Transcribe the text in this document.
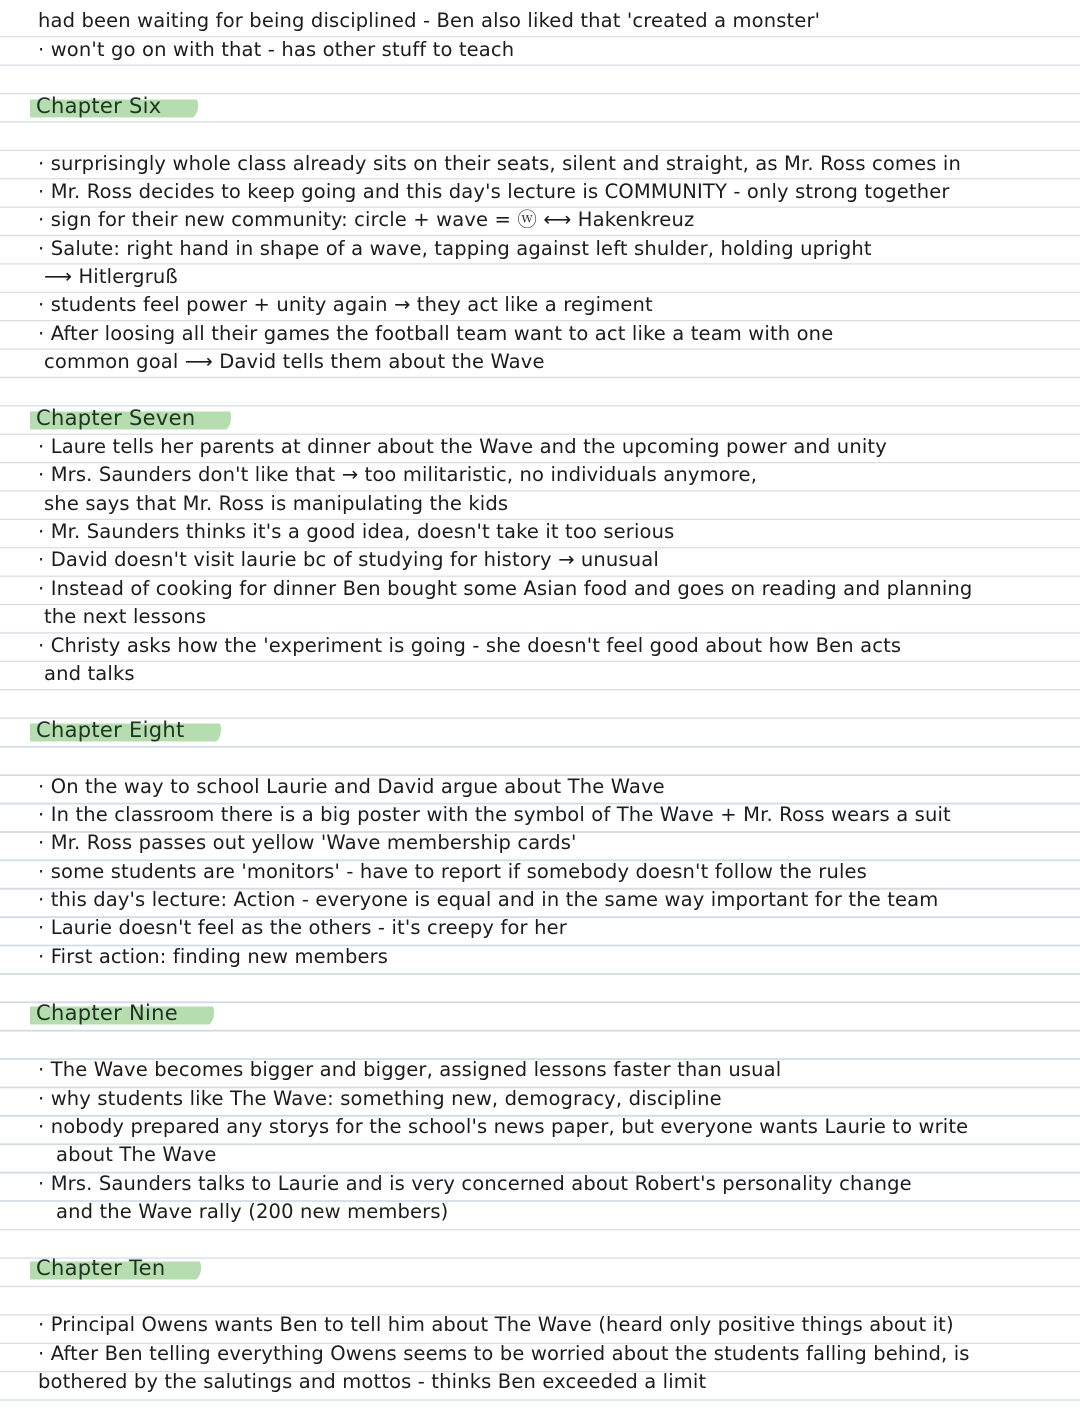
had been waiting for being disciplined - Ben also liked that 'created a monster'
· won't go on with that - has other stuff to teach
Chapter Six
· surprisingly whole class already sits on their seats, silent and straight, as Mr. Ross comes in
· Mr. Ross decides to keep going and this day's lecture is COMMUNITY - only strong together
· sign for their new community: circle + wave = ⓦ ⟷ Hakenkreuz
· Salute: right hand in shape of a wave, tapping against left shulder, holding upright
⟶ Hitlergruß
· students feel power + unity again → they act like a regiment
· After loosing all their games the football team want to act like a team with one
common goal ⟶ David tells them about the Wave
Chapter Seven
· Laure tells her parents at dinner about the Wave and the upcoming power and unity
· Mrs. Saunders don't like that → too militaristic, no individuals anymore,
she says that Mr. Ross is manipulating the kids
· Mr. Saunders thinks it's a good idea, doesn't take it too serious
· David doesn't visit laurie bc of studying for history → unusual
· Instead of cooking for dinner Ben bought some Asian food and goes on reading and planning
the next lessons
· Christy asks how the 'experiment is going - she doesn't feel good about how Ben acts
and talks
Chapter Eight
· On the way to school Laurie and David argue about The Wave
· In the classroom there is a big poster with the symbol of The Wave + Mr. Ross wears a suit
· Mr. Ross passes out yellow 'Wave membership cards'
· some students are 'monitors' - have to report if somebody doesn't follow the rules
· this day's lecture: Action - everyone is equal and in the same way important for the team
· Laurie doesn't feel as the others - it's creepy for her
· First action: finding new members
Chapter Nine
· The Wave becomes bigger and bigger, assigned lessons faster than usual
· why students like The Wave: something new, demogracy, discipline
· nobody prepared any storys for the school's news paper, but everyone wants Laurie to write
about The Wave
· Mrs. Saunders talks to Laurie and is very concerned about Robert's personality change
and the Wave rally (200 new members)
Chapter Ten
· Principal Owens wants Ben to tell him about The Wave (heard only positive things about it)
· After Ben telling everything Owens seems to be worried about the students falling behind, is
bothered by the salutings and mottos - thinks Ben exceeded a limit
